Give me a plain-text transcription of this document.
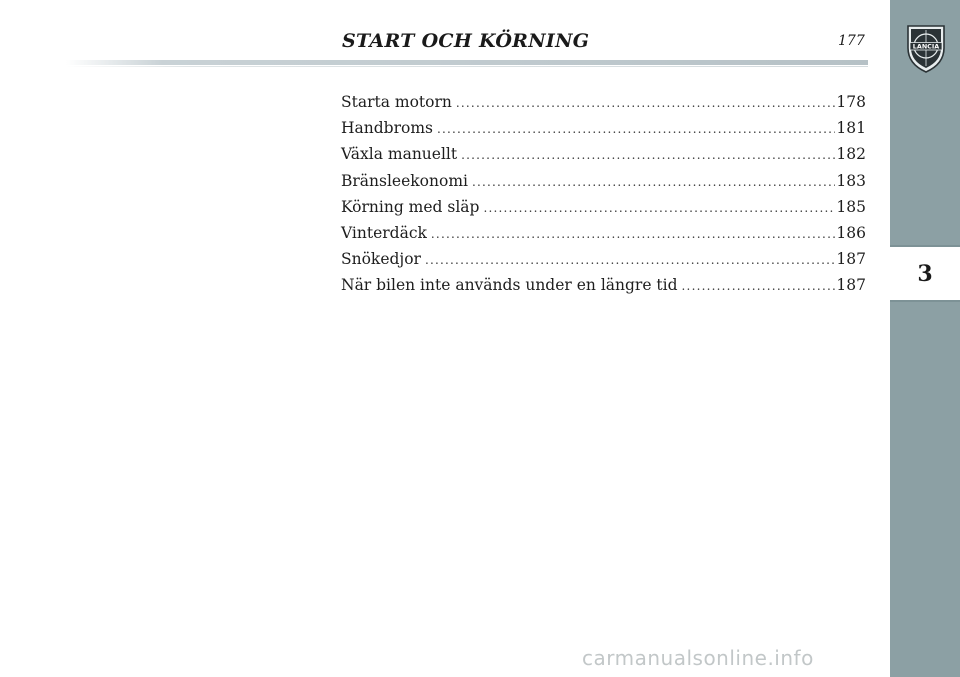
START OCH KÖRNING	177
Starta motorn .....	178
Handbroms .....	181
Växla manuellt .....	182
Bränsleekonomi .....	183
Körning med släp .....	185
Vinterdäck .....	186
Snökedjor .....	187
När bilen inte används under en längre tid .....	187
LANCIA
3
carmanualsonline.info
